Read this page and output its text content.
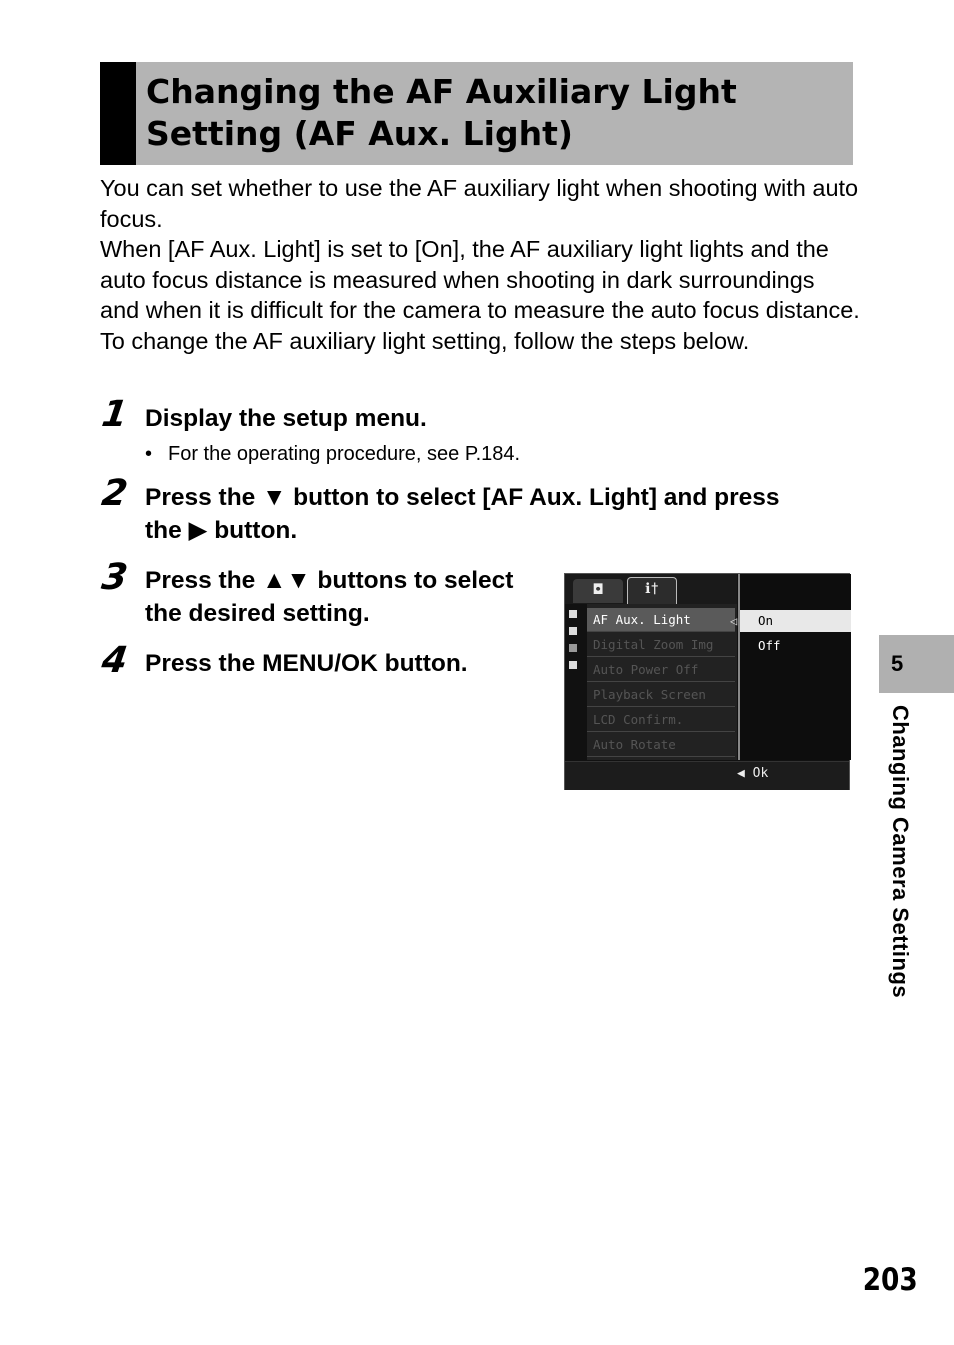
Changing the AF Auxiliary Light
Setting (AF Aux. Light)

You can set whether to use the AF auxiliary light when shooting with auto focus.

When [AF Aux. Light] is set to [On], the AF auxiliary light lights and the auto focus distance is measured when shooting in dark surroundings and when it is difficult for the camera to measure the auto focus distance.

To change the AF auxiliary light setting, follow the steps below.

1 Display the setup menu.
• For the operating procedure, see P.184.
2 Press the ▼ button to select [AF Aux. Light] and press
the ▶ button.
3 Press the ▲▼ buttons to select
the desired setting.
4 Press the MENU/OK button.
◘	ℹ†
AF Aux. Light
Digital Zoom Img
Auto Power Off
Playback Screen
LCD Confirm.
Auto Rotate
◁	On
Off
◀ Ok
5
Changing Camera Settings
203
